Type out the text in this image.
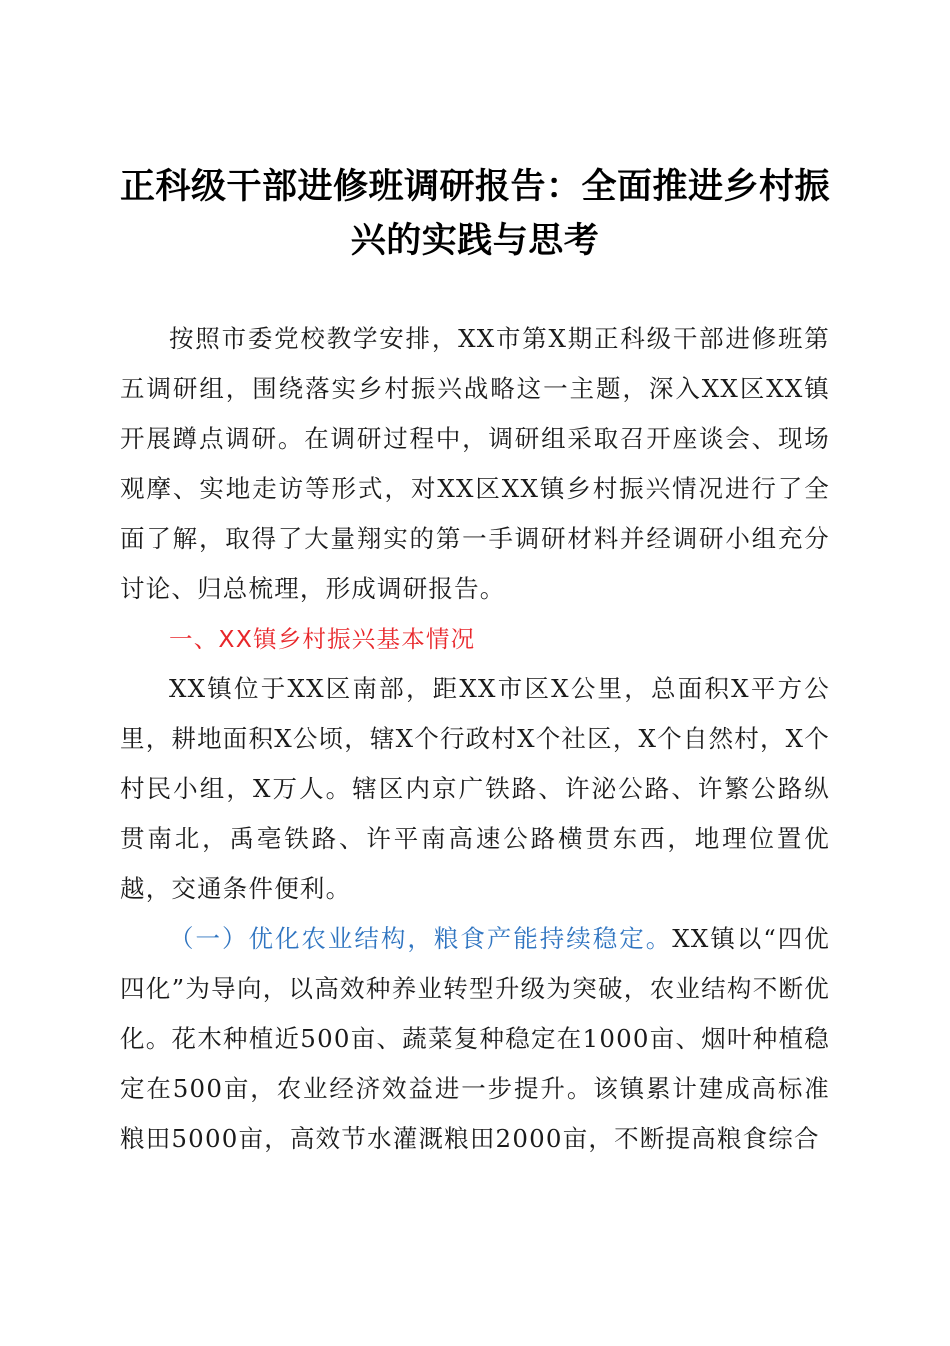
正科级干部进修班调研报告：全面推进乡村振兴的实践与思考

按照市委党校教学安排，XX市第X期正科级干部进修班第五调研组，围绕落实乡村振兴战略这一主题，深入XX区XX镇开展蹲点调研。在调研过程中，调研组采取召开座谈会、现场观摩、实地走访等形式，对XX区XX镇乡村振兴情况进行了全面了解，取得了大量翔实的第一手调研材料并经调研小组充分讨论、归总梳理，形成调研报告。

一、XX镇乡村振兴基本情况

XX镇位于XX区南部，距XX市区X公里，总面积X平方公里，耕地面积X公顷，辖X个行政村X个社区，X个自然村，X个村民小组，X万人。辖区内京广铁路、许泌公路、许繁公路纵贯南北，禹亳铁路、许平南高速公路横贯东西，地理位置优越，交通条件便利。

（一）优化农业结构，粮食产能持续稳定。XX镇以“四优四化”为导向，以高效种养业转型升级为突破，农业结构不断优化。花木种植近500亩、蔬菜复种稳定在1000亩、烟叶种植稳定在500亩，农业经济效益进一步提升。该镇累计建成高标准粮田5000亩，高效节水灌溉粮田2000亩，不断提高粮食综合
